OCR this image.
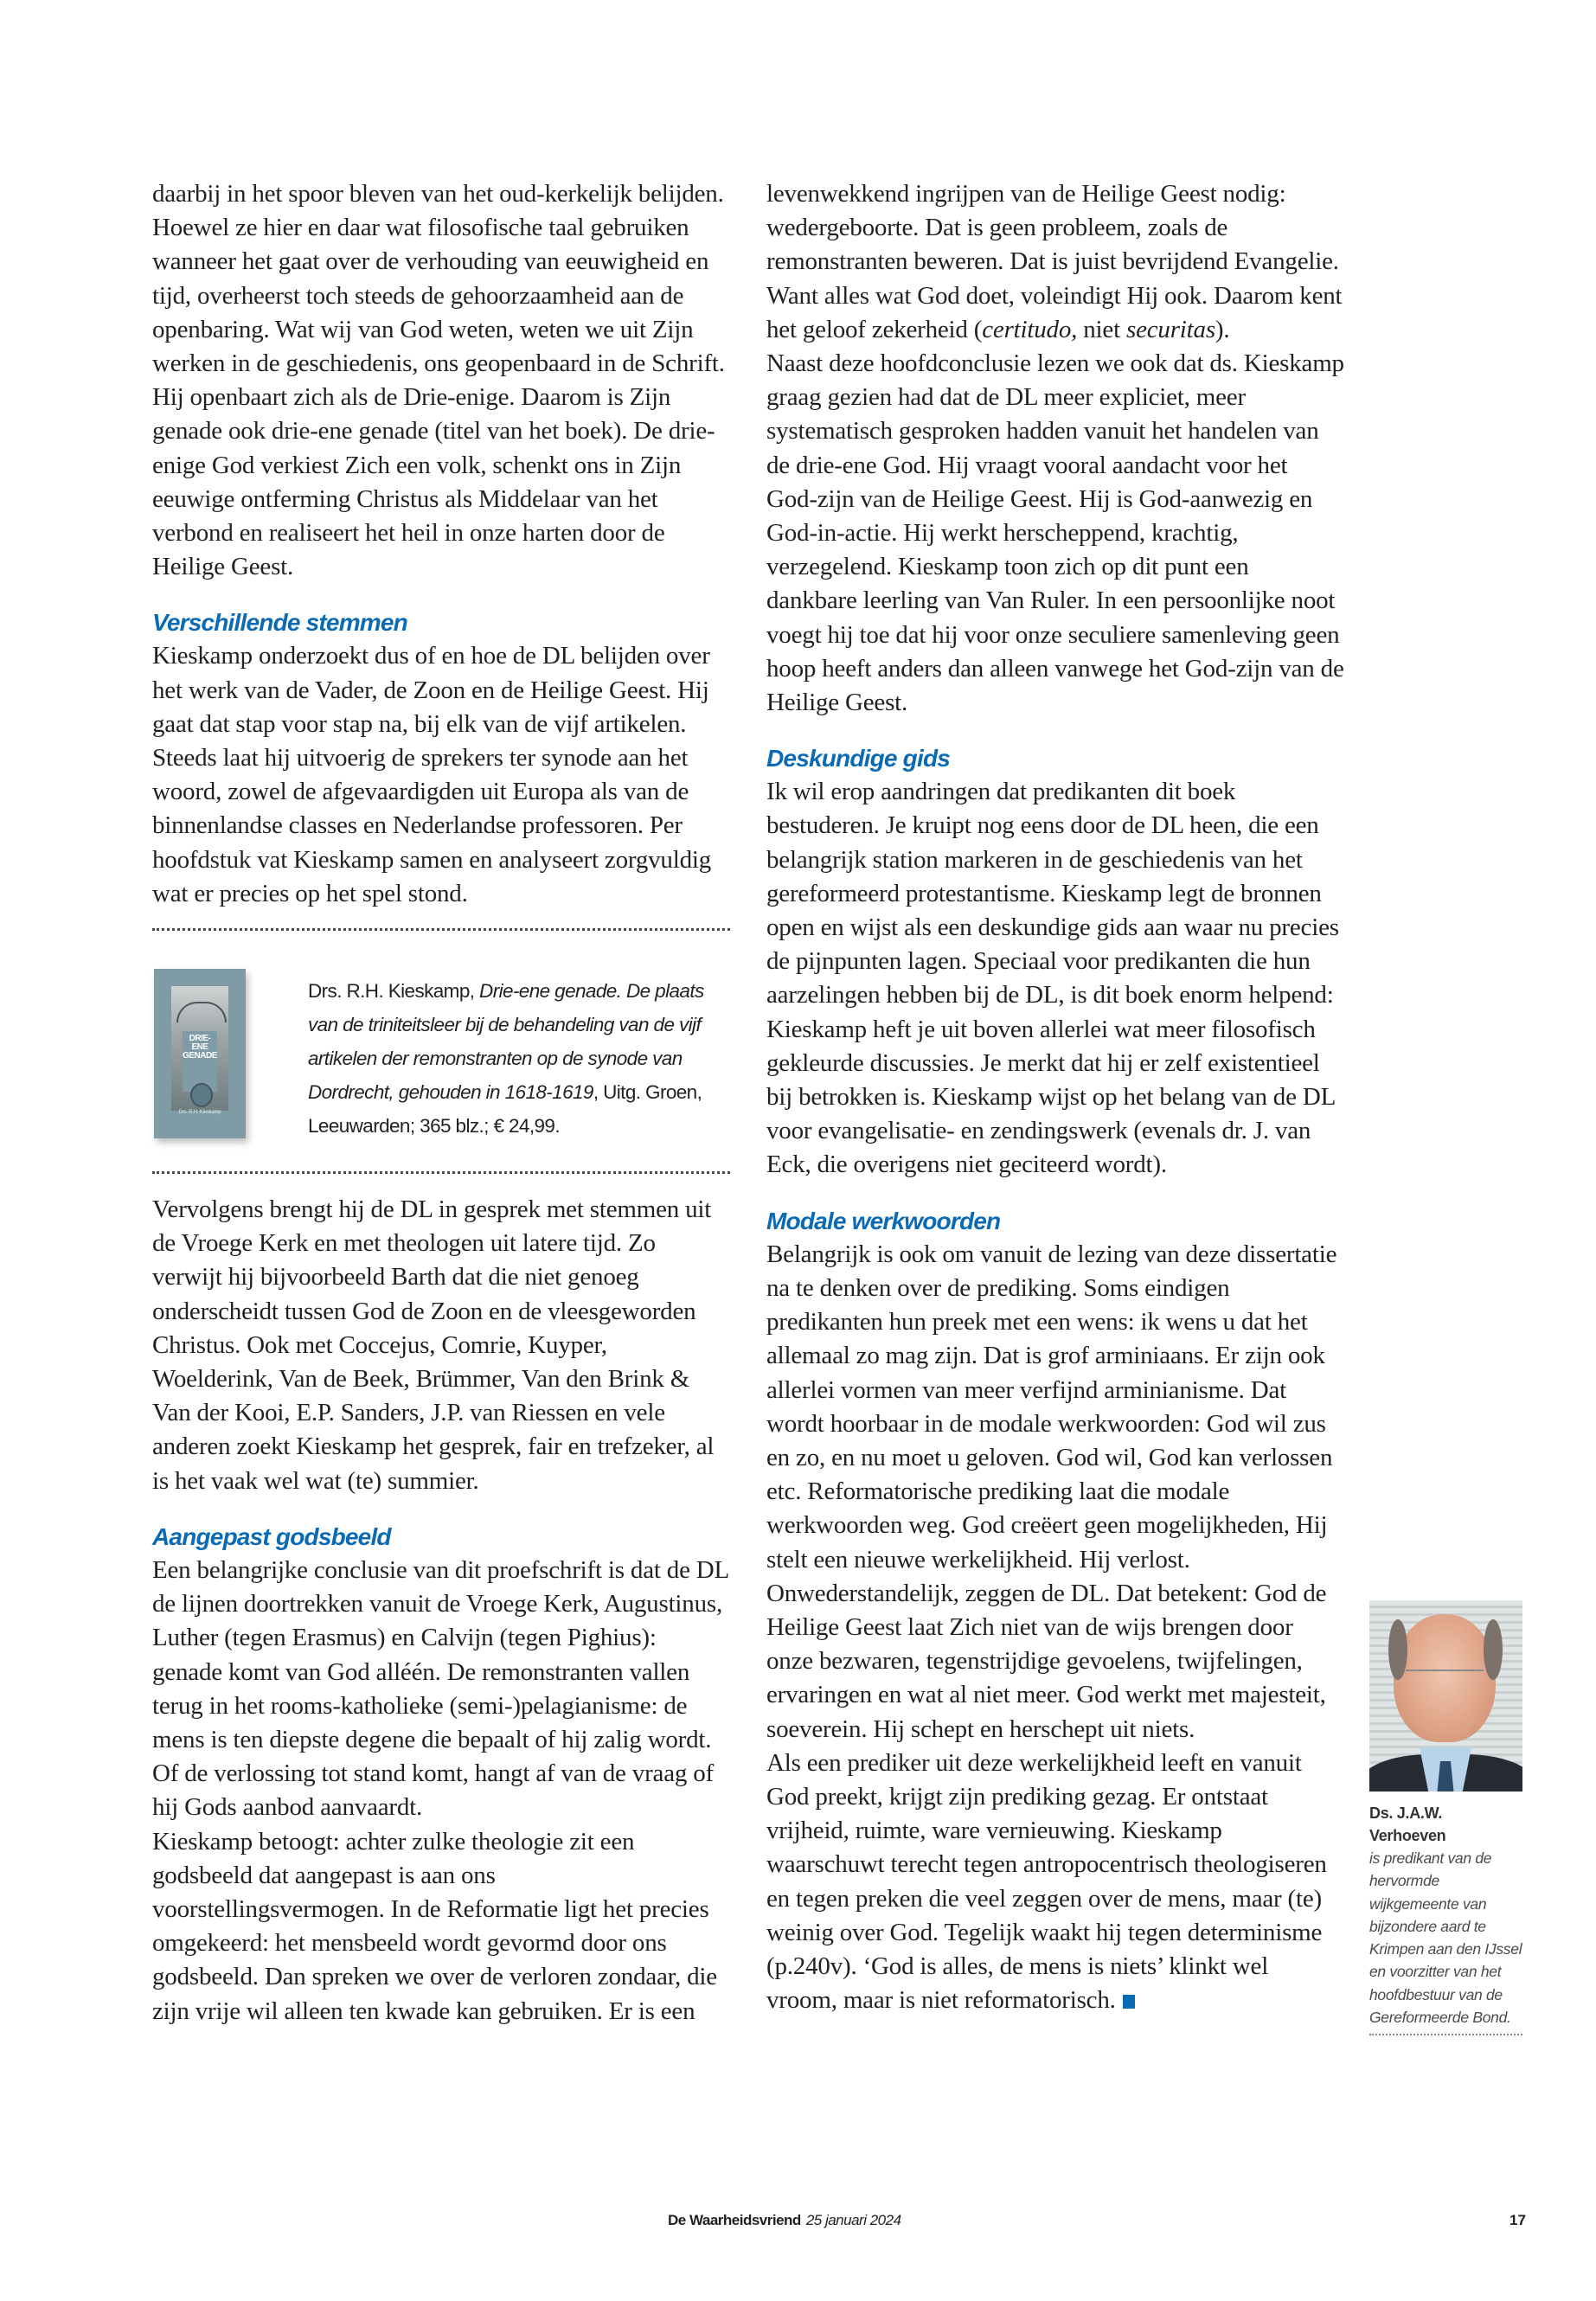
daarbij in het spoor bleven van het oud-kerkelijk belijden. Hoewel ze hier en daar wat filosofische taal gebruiken wanneer het gaat over de verhouding van eeuwigheid en tijd, overheerst toch steeds de gehoorzaamheid aan de openbaring. Wat wij van God weten, weten we uit Zijn werken in de geschiedenis, ons geopenbaard in de Schrift. Hij openbaart zich als de Drie-enige. Daarom is Zijn genade ook drie-ene genade (titel van het boek). De drie-enige God verkiest Zich een volk, schenkt ons in Zijn eeuwige ontferming Christus als Middelaar van het verbond en realiseert het heil in onze harten door de Heilige Geest.

Verschillende stemmen

Kieskamp onderzoekt dus of en hoe de DL belijden over het werk van de Vader, de Zoon en de Heilige Geest. Hij gaat dat stap voor stap na, bij elk van de vijf artikelen. Steeds laat hij uitvoerig de sprekers ter synode aan het woord, zowel de afgevaardigden uit Europa als van de binnenlandse classes en Nederlandse professoren. Per hoofdstuk vat Kieskamp samen en analyseert zorgvuldig wat er precies op het spel stond.

DRIE-ENE
GENADE
Drs. R.H. Kieskamp
Drs. R.H. Kieskamp, Drie-ene genade. De plaats van de triniteitsleer bij de behandeling van de vijf artikelen der remonstranten op de synode van Dordrecht, gehouden in 1618-1619, Uitg. Groen, Leeuwarden; 365 blz.; € 24,99.

Vervolgens brengt hij de DL in gesprek met stemmen uit de Vroege Kerk en met theologen uit latere tijd. Zo verwijt hij bijvoorbeeld Barth dat die niet genoeg onderscheidt tussen God de Zoon en de vleesgeworden Christus. Ook met Coccejus, Comrie, Kuyper, Woelderink, Van de Beek, Brümmer, Van den Brink & Van der Kooi, E.P. Sanders, J.P. van Riessen en vele anderen zoekt Kieskamp het gesprek, fair en trefzeker, al is het vaak wel wat (te) summier.

Aangepast godsbeeld

Een belangrijke conclusie van dit proefschrift is dat de DL de lijnen doortrekken vanuit de Vroege Kerk, Augustinus, Luther (tegen Erasmus) en Calvijn (tegen Pighius): genade komt van God alléén. De remonstranten vallen terug in het rooms-katholieke (semi-)pelagianisme: de mens is ten diepste degene die bepaalt of hij zalig wordt. Of de verlossing tot stand komt, hangt af van de vraag of hij Gods aanbod aanvaardt.

Kieskamp betoogt: achter zulke theologie zit een godsbeeld dat aangepast is aan ons voorstellingsvermogen. In de Reformatie ligt het precies omgekeerd: het mensbeeld wordt gevormd door ons godsbeeld. Dan spreken we over de verloren zondaar, die zijn vrije wil alleen ten kwade kan gebruiken. Er is een

levenwekkend ingrijpen van de Heilige Geest nodig: wedergeboorte. Dat is geen probleem, zoals de remonstranten beweren. Dat is juist bevrijdend Evangelie. Want alles wat God doet, voleindigt Hij ook. Daarom kent het geloof zekerheid (certitudo, niet securitas).

Naast deze hoofdconclusie lezen we ook dat ds. Kieskamp graag gezien had dat de DL meer expliciet, meer systematisch gesproken hadden vanuit het handelen van de drie-ene God. Hij vraagt vooral aandacht voor het God-zijn van de Heilige Geest. Hij is God-aanwezig en God-in-actie. Hij werkt herscheppend, krachtig, verzegelend. Kieskamp toon zich op dit punt een dankbare leerling van Van Ruler. In een persoonlijke noot voegt hij toe dat hij voor onze seculiere samenleving geen hoop heeft anders dan alleen vanwege het God-zijn van de Heilige Geest.

Deskundige gids

Ik wil erop aandringen dat predikanten dit boek bestuderen. Je kruipt nog eens door de DL heen, die een belangrijk station markeren in de geschiedenis van het gereformeerd protestantisme. Kieskamp legt de bronnen open en wijst als een deskundige gids aan waar nu precies de pijnpunten lagen. Speciaal voor predikanten die hun aarzelingen hebben bij de DL, is dit boek enorm helpend: Kieskamp heft je uit boven allerlei wat meer filosofisch gekleurde discussies. Je merkt dat hij er zelf existentieel bij betrokken is. Kieskamp wijst op het belang van de DL voor evangelisatie- en zendingswerk (evenals dr. J. van Eck, die overigens niet geciteerd wordt).

Modale werkwoorden

Belangrijk is ook om vanuit de lezing van deze dissertatie na te denken over de prediking. Soms eindigen predikanten hun preek met een wens: ik wens u dat het allemaal zo mag zijn. Dat is grof arminiaans. Er zijn ook allerlei vormen van meer verfijnd arminianisme. Dat wordt hoorbaar in de modale werkwoorden: God wil zus en zo, en nu moet u geloven. God wil, God kan verlossen etc. Reformatorische prediking laat die modale werkwoorden weg. God creëert geen mogelijkheden, Hij stelt een nieuwe werkelijkheid. Hij verlost. Onwederstandelijk, zeggen de DL. Dat betekent: God de Heilige Geest laat Zich niet van de wijs brengen door onze bezwaren, tegenstrijdige gevoelens, twijfelingen, ervaringen en wat al niet meer. God werkt met majesteit, soeverein. Hij schept en herschept uit niets.

Als een prediker uit deze werkelijkheid leeft en vanuit God preekt, krijgt zijn prediking gezag. Er ontstaat vrijheid, ruimte, ware vernieuwing. Kieskamp waarschuwt terecht tegen antropocentrisch theologiseren en tegen preken die veel zeggen over de mens, maar (te) weinig over God. Tegelijk waakt hij tegen determinisme (p.240v). ‘God is alles, de mens is niets’ klinkt wel vroom, maar is niet reformatorisch.

Ds. J.A.W. Verhoeven
is predikant van de hervormde wijkgemeente van bijzondere aard te Krimpen aan den IJssel en voorzitter van het hoofdbestuur van de Gereformeerde Bond.
De Waarheidsvriend 25 januari 2024	17
